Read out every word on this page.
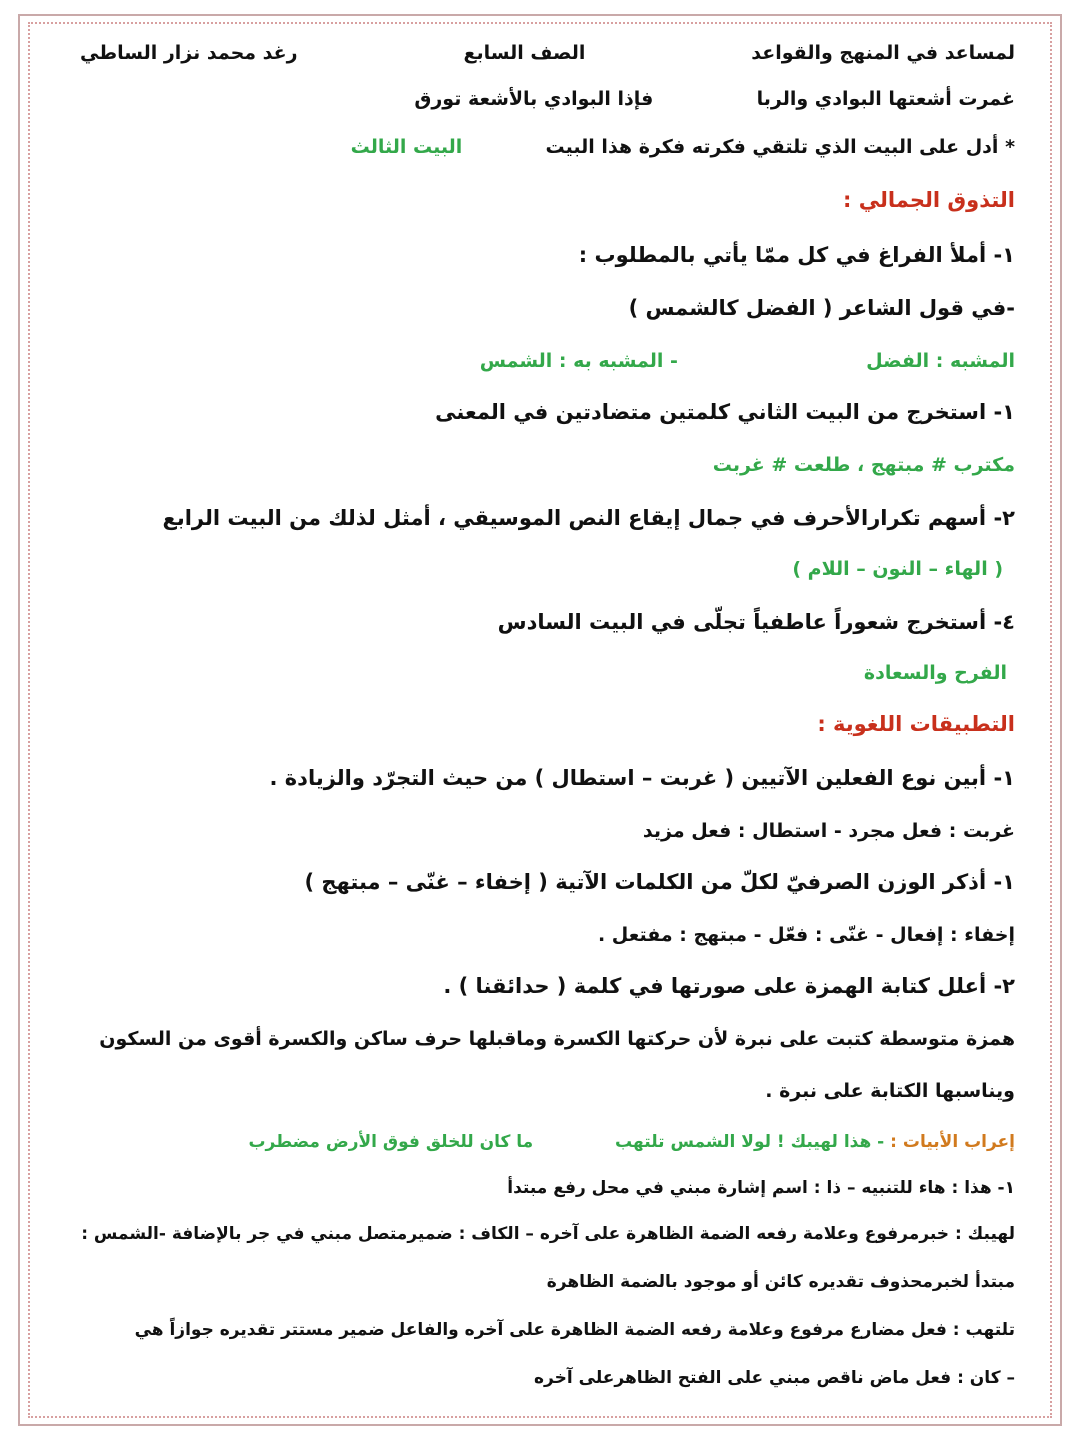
لمساعد في المنهج والقواعد
الصف السابع
رغد محمد نزار الساطي
غمرت أشعتها البوادي والربا  فإذا البوادي بالأشعة تورق
* أدل على البيت الذي تلتقي فكرته فكرة هذا البيت  البيت الثالث
التذوق الجمالي :
١- أملأ الفراغ في كل ممّا يأتي بالمطلوب :
-في قول الشاعر ( الفضل كالشمس )
المشبه : الفضل  - المشبه به : الشمس
١- استخرج من البيت الثاني كلمتين متضادتين في المعنى
مكترب # مبتهج ، طلعت # غربت
٢- أسهم تكرارالأحرف في جمال إيقاع النص الموسيقي ، أمثل لذلك من البيت الرابع
( الهاء – النون – اللام )
٤- أستخرج شعوراً عاطفياً تجلّى في البيت السادس
الفرح والسعادة
التطبيقات اللغوية :
١- أبين نوع الفعلين الآتيين ( غربت – استطال ) من حيث التجرّد والزيادة .
غربت : فعل مجرد - استطال : فعل مزيد
١- أذكر الوزن الصرفيّ لكلّ من الكلمات الآتية ( إخفاء – غنّى – مبتهج )
إخفاء : إفعال - غنّى : فعّل - مبتهج : مفتعل .
٢- أعلل كتابة الهمزة على صورتها في كلمة ( حدائقنا ) .
همزة متوسطة كتبت على نبرة لأن حركتها الكسرة وماقبلها حرف ساكن والكسرة أقوى من السكون
ويناسبها الكتابة على نبرة .
إعراب الأبيات : - هذا لهيبك ! لولا الشمس تلتهب  ما كان للخلق فوق الأرض مضطرب
١- هذا : هاء للتنبيه – ذا : اسم إشارة مبني في محل رفع مبتدأ
لهيبك : خبرمرفوع وعلامة رفعه الضمة الظاهرة على آخره – الكاف : ضميرمتصل مبني في جر بالإضافة -الشمس :
مبتدأ لخبرمحذوف تقديره كائن أو موجود بالضمة الظاهرة
تلتهب : فعل مضارع مرفوع وعلامة رفعه الضمة الظاهرة على آخره والفاعل ضمير مستتر تقديره جوازاً هي
– كان : فعل ماض ناقص مبني على الفتح الظاهرعلى آخره
